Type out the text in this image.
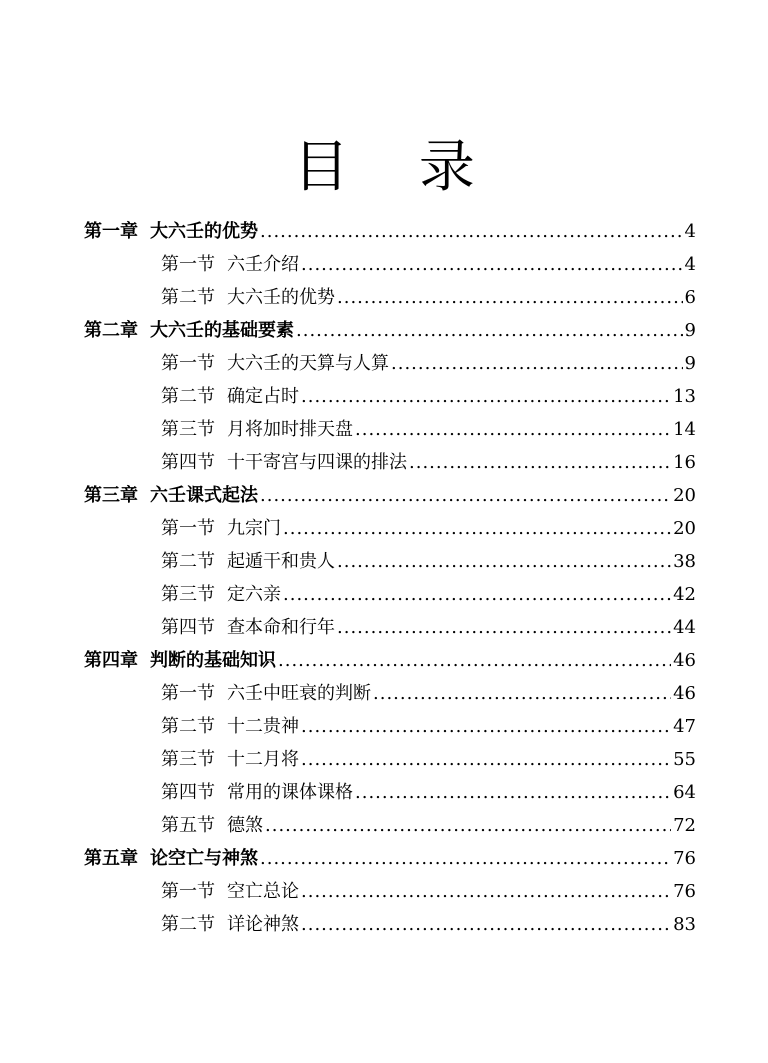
目 录
第一章 大六壬的优势 .....	4
第一节 六壬介绍 .....	4
第二节 大六壬的优势 .....	6
第二章 大六壬的基础要素 .....	9
第一节 大六壬的天算与人算 .....	9
第二节 确定占时 .....	13
第三节 月将加时排天盘 .....	14
第四节 十干寄宫与四课的排法 .....	16
第三章 六壬课式起法 .....	20
第一节 九宗门 .....	20
第二节 起遁干和贵人 .....	38
第三节 定六亲 .....	42
第四节 查本命和行年 .....	44
第四章 判断的基础知识 .....	46
第一节 六壬中旺衰的判断 .....	46
第二节 十二贵神 .....	47
第三节 十二月将 .....	55
第四节 常用的课体课格 .....	64
第五节 德煞 .....	72
第五章 论空亡与神煞 .....	76
第一节 空亡总论 .....	76
第二节 详论神煞 .....	83
